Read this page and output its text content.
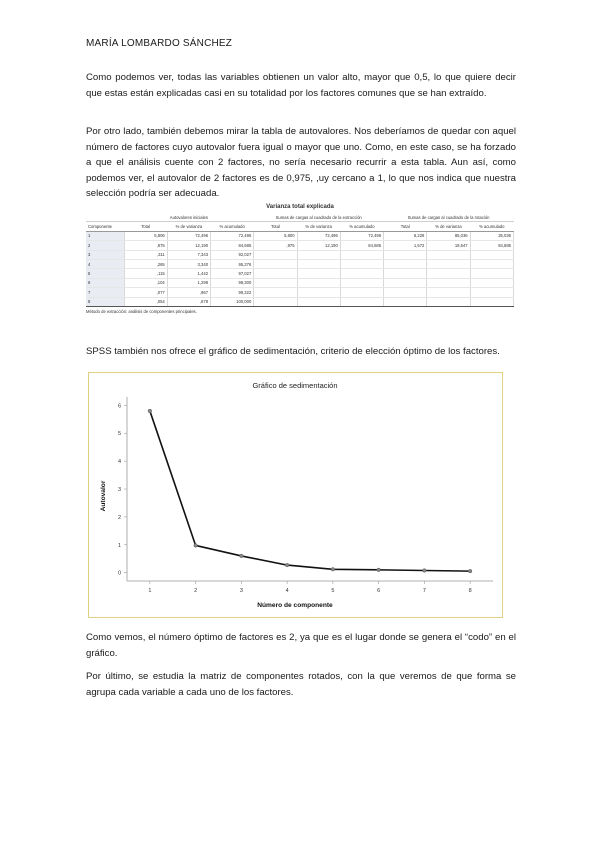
MARÍA LOMBARDO SÁNCHEZ

Como podemos ver, todas las variables obtienen un valor alto, mayor que 0,5, lo que quiere decir que estas están explicadas casi en su totalidad por los factores comunes que se han extraído.

Por otro lado, también debemos mirar la tabla de autovalores. Nos deberíamos de quedar con aquel número de factores cuyo autovalor fuera igual o mayor que uno. Como, en este caso, se ha forzado a que el análisis cuente con 2 factores, no sería necesario recurrir a esta tabla. Aun así, como podemos ver, el autovalor de 2 factores es de 0,975, ,uy cercano a 1, lo que nos indica que nuestra selección podría ser adecuada.

Varianza total explicada
	Autovalores iniciales			Sumas de cargas al cuadrado de la extracción			Sumas de cargas al cuadrado de la rotación		
Componente	Total	% de varianza	% acumulado	Total	% de varianza	% acumulado	Total	% de varianza	% acumulado
1	5,806	72,496	72,496	5,800	72,496	72,496	6,228	85,036	35,036
2	,975	12,190	84,685	,975	12,190	84,685	1,572	19,647	84,685
3	,311	7,343	92,027						
4	,265	3,340	95,376						
5	,115	1,442	97,027						
6	,104	1,298	98,300						
7	,077	,967	99,322						
8	,054	,678	100,000						
Método de extracción: análisis de componentes principales.

SPSS también nos ofrece el gráfico de sedimentación, criterio de elección óptimo de los factores.

Gráfico de sedimentación
Número de componente
Autovalor
0
1
2
3
4
5
6
1	2	3	4	5	6	7	8

Como vemos, el número óptimo de factores es 2, ya que es el lugar donde se genera el “codo” en el gráfico.

Por último, se estudia la matriz de componentes rotados, con la que veremos de que forma se agrupa cada variable a cada uno de los factores.
